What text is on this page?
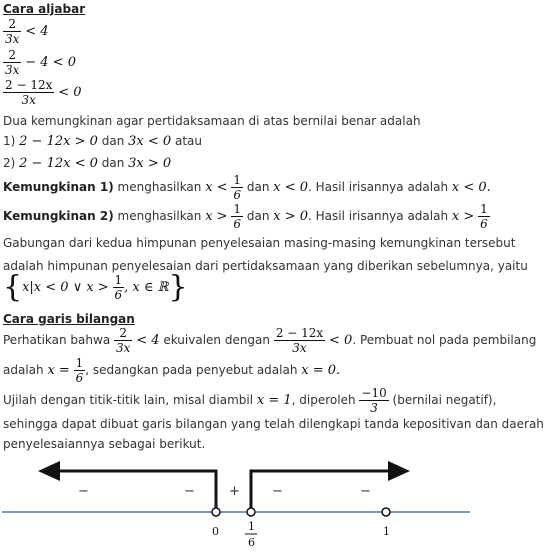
Cara aljabar
$\frac{2}{3x} < 4$
$\frac{2}{3x} - 4 < 0$
$\frac{2 - 12x}{3x} < 0$
Dua kemungkinan agar pertidaksamaan di atas bernilai benar adalah
1) 2 − 12x > 0 dan 3x < 0 atau
2) 2 − 12x < 0 dan 3x > 0
Kemungkinan 1) menghasilkan $x < \frac{1}{6}$ dan x < 0. Hasil irisannya adalah x < 0.
Kemungkinan 2) menghasilkan $x > \frac{1}{6}$ dan x > 0. Hasil irisannya adalah $x > \frac{1}{6}$
Gabungan dari kedua himpunan penyelesaian masing-masing kemungkinan tersebut
adalah himpunan penyelesaian dari pertidaksamaan yang diberikan sebelumnya, yaitu
{x|x < 0 ∨ $x > \frac{1}{6}$ , x ∈ ℝ}
Cara garis bilangan
Perhatikan bahwa $\frac{2}{3x} < 4$ ekuivalen dengan $\frac{2 - 12x}{3x} < 0$. Pembuat nol pada pembilang
adalah $x = \frac{1}{6}$ , sedangkan pada penyebut adalah x = 0.
Ujilah dengan titik-titik lain, misal diambil x = 1, diperoleh $\frac{-10}{3}$ (bernilai negatif),
sehingga dapat dibuat garis bilangan yang telah dilengkapi tanda kepositivan dan daerah
penyelesaiannya sebagai berikut.
−	−	+ −	−
0	1
6
1
